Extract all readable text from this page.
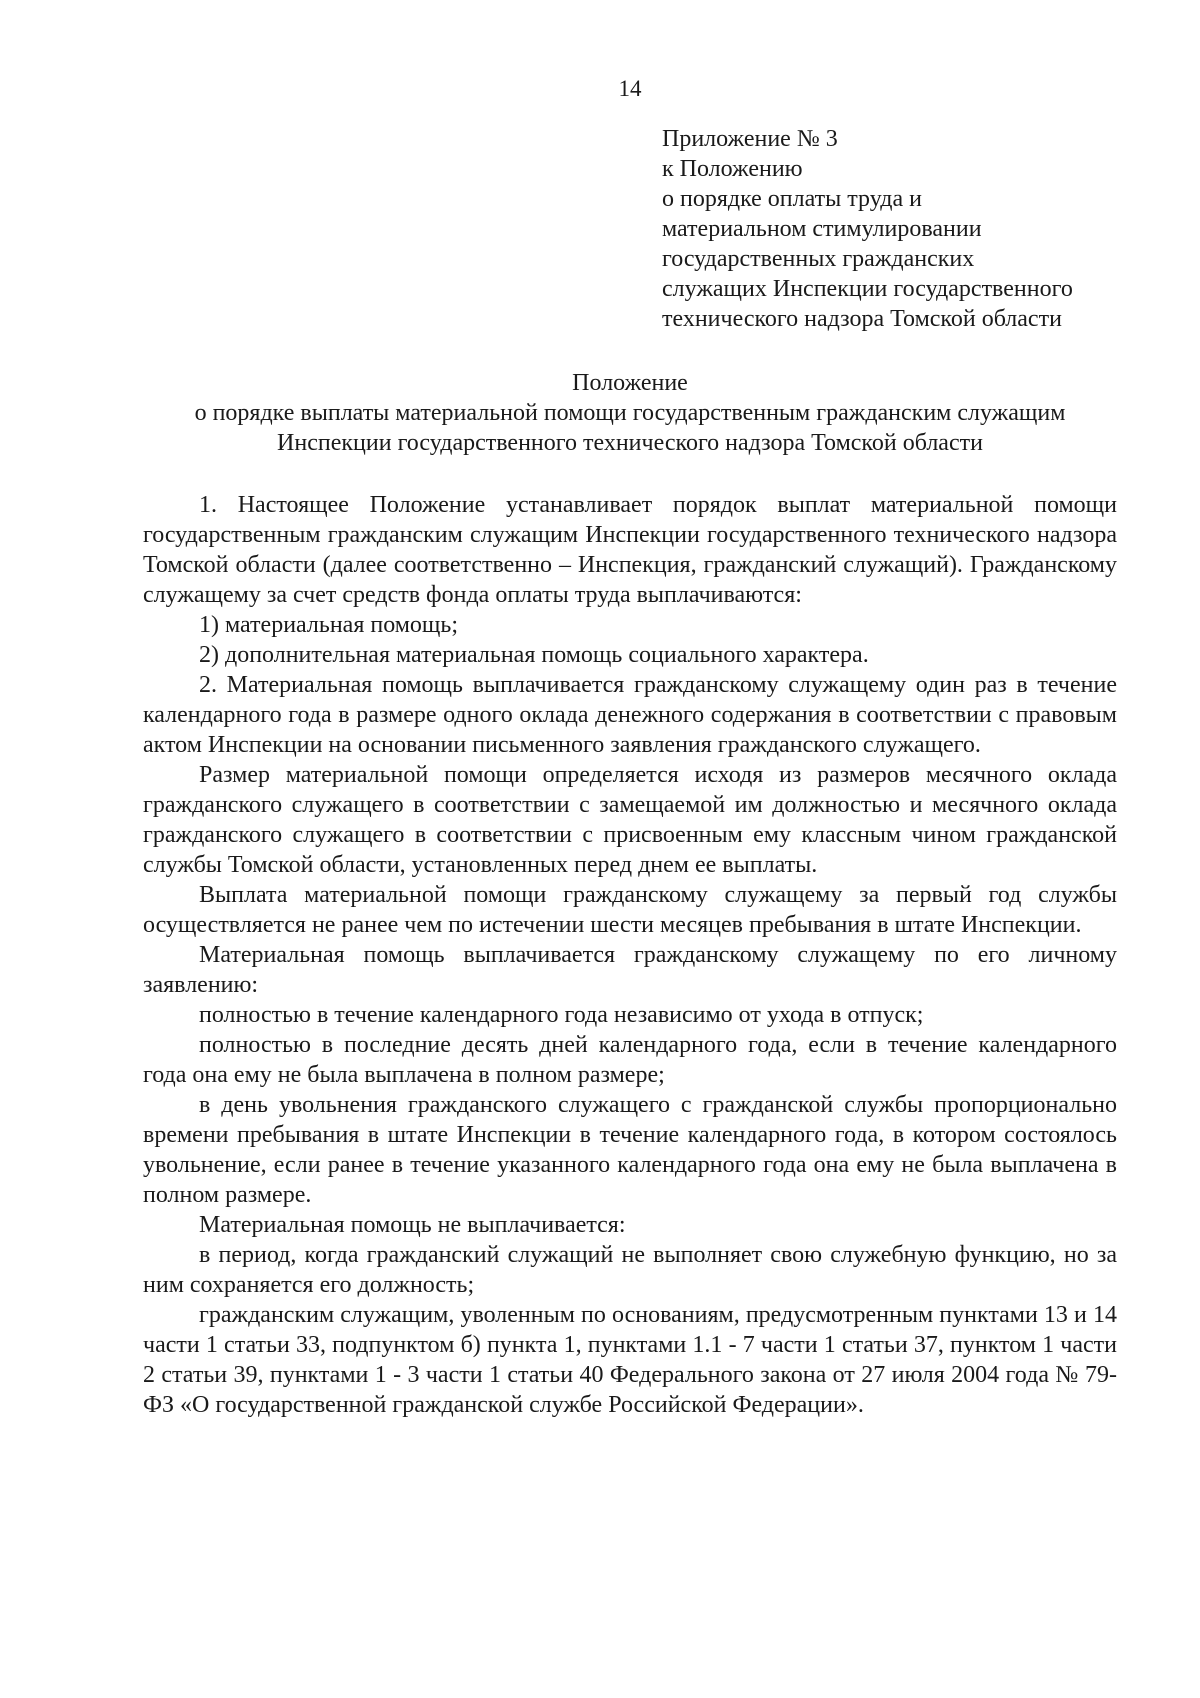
14
Приложение № 3
к Положению
о порядке оплаты труда и
материальном стимулировании
государственных гражданских
служащих Инспекции государственного
технического надзора Томской области
Положение
о порядке выплаты материальной помощи государственным гражданским служащим
Инспекции государственного технического надзора Томской области

1. Настоящее Положение устанавливает порядок выплат материальной помощи государственным гражданским служащим Инспекции государственного технического надзора Томской области (далее соответственно – Инспекция, гражданский служащий). Гражданскому служащему за счет средств фонда оплаты труда выплачиваются:

1) материальная помощь;

2) дополнительная материальная помощь социального характера.

2. Материальная помощь выплачивается гражданскому служащему один раз в течение календарного года в размере одного оклада денежного содержания в соответствии с правовым актом Инспекции на основании письменного заявления гражданского служащего.

Размер материальной помощи определяется исходя из размеров месячного оклада гражданского служащего в соответствии с замещаемой им должностью и месячного оклада гражданского служащего в соответствии с присвоенным ему классным чином гражданской службы Томской области, установленных перед днем ее выплаты.

Выплата материальной помощи гражданскому служащему за первый год службы осуществляется не ранее чем по истечении шести месяцев пребывания в штате Инспекции.

Материальная помощь выплачивается гражданскому служащему по его личному заявлению:

полностью в течение календарного года независимо от ухода в отпуск;

полностью в последние десять дней календарного года, если в течение календарного года она ему не была выплачена в полном размере;

в день увольнения гражданского служащего с гражданской службы пропорционально времени пребывания в штате Инспекции в течение календарного года, в котором состоялось увольнение, если ранее в течение указанного календарного года она ему не была выплачена в полном размере.

Материальная помощь не выплачивается:

в период, когда гражданский служащий не выполняет свою служебную функцию, но за ним сохраняется его должность;

гражданским служащим, уволенным по основаниям, предусмотренным пунктами 13 и 14 части 1 статьи 33, подпунктом б) пункта 1, пунктами 1.1 - 7 части 1 статьи 37, пунктом 1 части 2 статьи 39, пунктами 1 - 3 части 1 статьи 40 Федерального закона от 27 июля 2004 года № 79-ФЗ «О государственной гражданской службе Российской Федерации».
